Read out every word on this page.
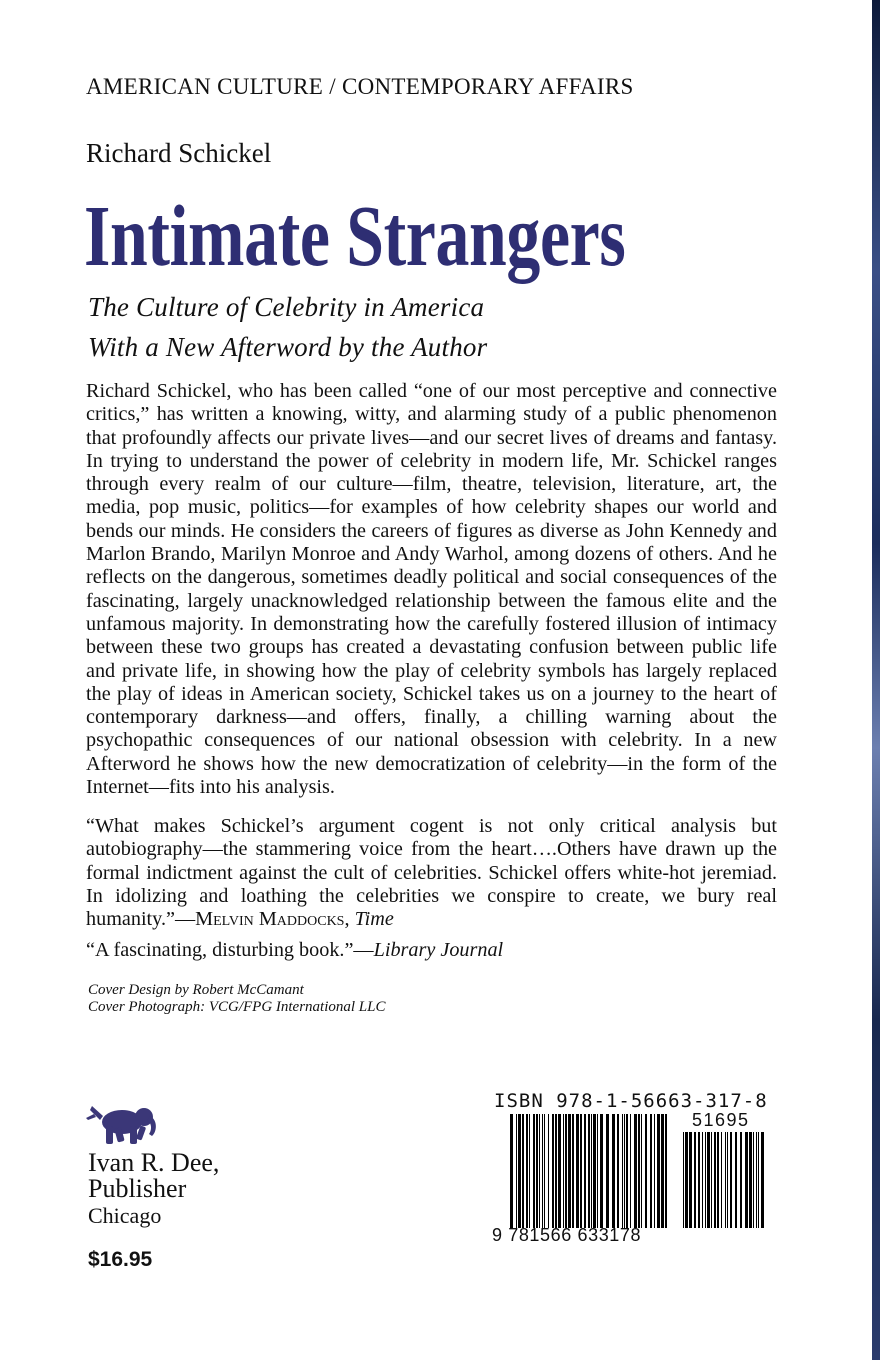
AMERICAN CULTURE / CONTEMPORARY AFFAIRS
Richard Schickel
Intimate Strangers
The Culture of Celebrity in America
With a New Afterword by the Author

Richard Schickel, who has been called “one of our most perceptive and connective critics,” has written a knowing, witty, and alarming study of a public phenomenon that profoundly affects our private lives—and our secret lives of dreams and fantasy. In trying to understand the power of celebrity in modern life, Mr. Schickel ranges through every realm of our culture—film, theatre, television, literature, art, the media, pop music, politics—for examples of how celebrity shapes our world and bends our minds. He considers the careers of figures as diverse as John Kennedy and Marlon Brando, Marilyn Monroe and Andy Warhol, among dozens of others. And he reflects on the dangerous, sometimes deadly political and social consequences of the fascinating, largely unacknowledged relationship between the famous elite and the unfamous majority. In demonstrating how the carefully fostered illusion of intimacy between these two groups has created a devastating confusion between public life and private life, in showing how the play of celebrity symbols has largely replaced the play of ideas in American society, Schickel takes us on a journey to the heart of contemporary darkness—and offers, finally, a chilling warning about the psychopathic consequences of our national obsession with celebrity. In a new Afterword he shows how the new democratization of celebrity—in the form of the Internet—fits into his analysis.

“What makes Schickel’s argument cogent is not only critical analysis but autobiography—the stammering voice from the heart….Others have drawn up the formal indictment against the cult of celebrities. Schickel offers white-hot jeremiad. In idolizing and loathing the celebrities we conspire to create, we bury real humanity.”—Melvin Maddocks, Time

“A fascinating, disturbing book.”—Library Journal

Cover Design by Robert McCamant
Cover Photograph: VCG/FPG International LLC
Ivan R. Dee,
Publisher
Chicago
$16.95
ISBN 978-1-56663-317-8
51695
9 781566 633178
